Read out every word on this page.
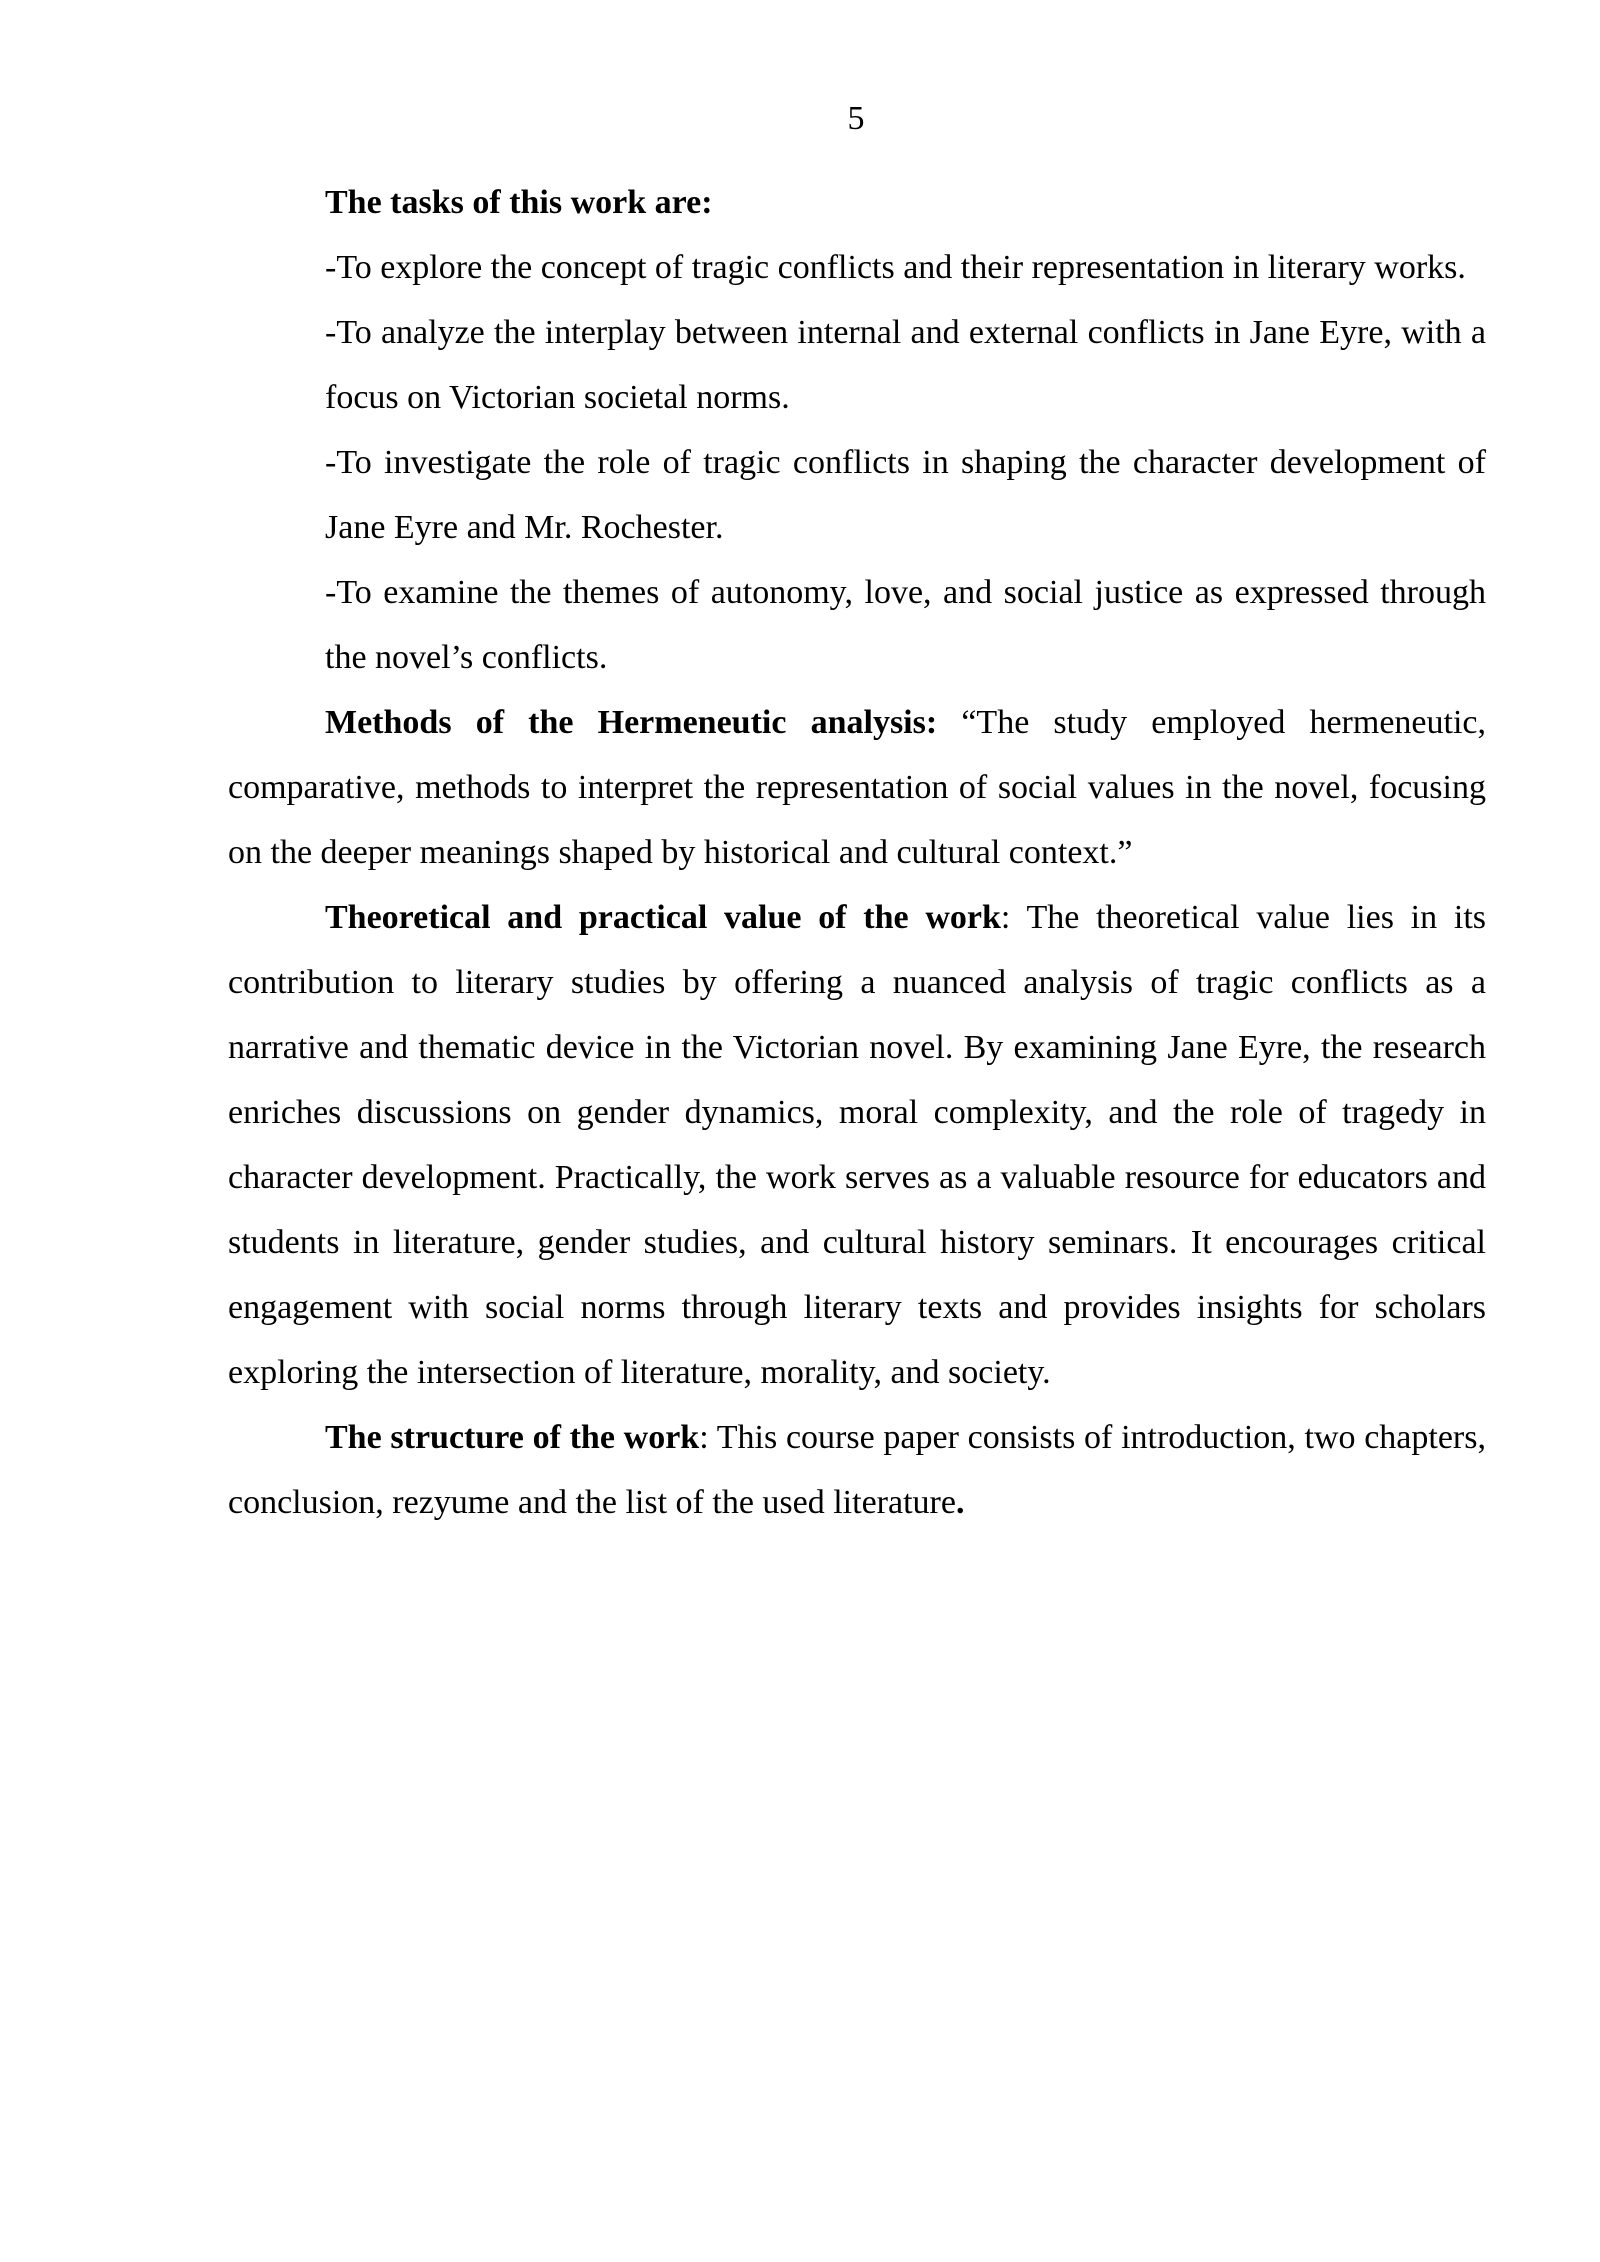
5

The tasks of this work are:

-To explore the concept of tragic conflicts and their representation in literary works.

-To analyze the interplay between internal and external conflicts in Jane Eyre, with a focus on Victorian societal norms.

-To investigate the role of tragic conflicts in shaping the character development of Jane Eyre and Mr. Rochester.

-To examine the themes of autonomy, love, and social justice as expressed through the novel’s conflicts.

Methods of the Hermeneutic analysis: “The study employed hermeneutic, comparative, methods to interpret the representation of social values in the novel, focusing on the deeper meanings shaped by historical and cultural context.”

Theoretical and practical value of the work: The theoretical value lies in its contribution to literary studies by offering a nuanced analysis of tragic conflicts as a narrative and thematic device in the Victorian novel. By examining Jane Eyre, the research enriches discussions on gender dynamics, moral complexity, and the role of tragedy in character development. Practically, the work serves as a valuable resource for educators and students in literature, gender studies, and cultural history seminars. It encourages critical engagement with social norms through literary texts and provides insights for scholars exploring the intersection of literature, morality, and society.

The structure of the work: This course paper consists of introduction, two chapters, conclusion, rezyume and the list of the used literature.
